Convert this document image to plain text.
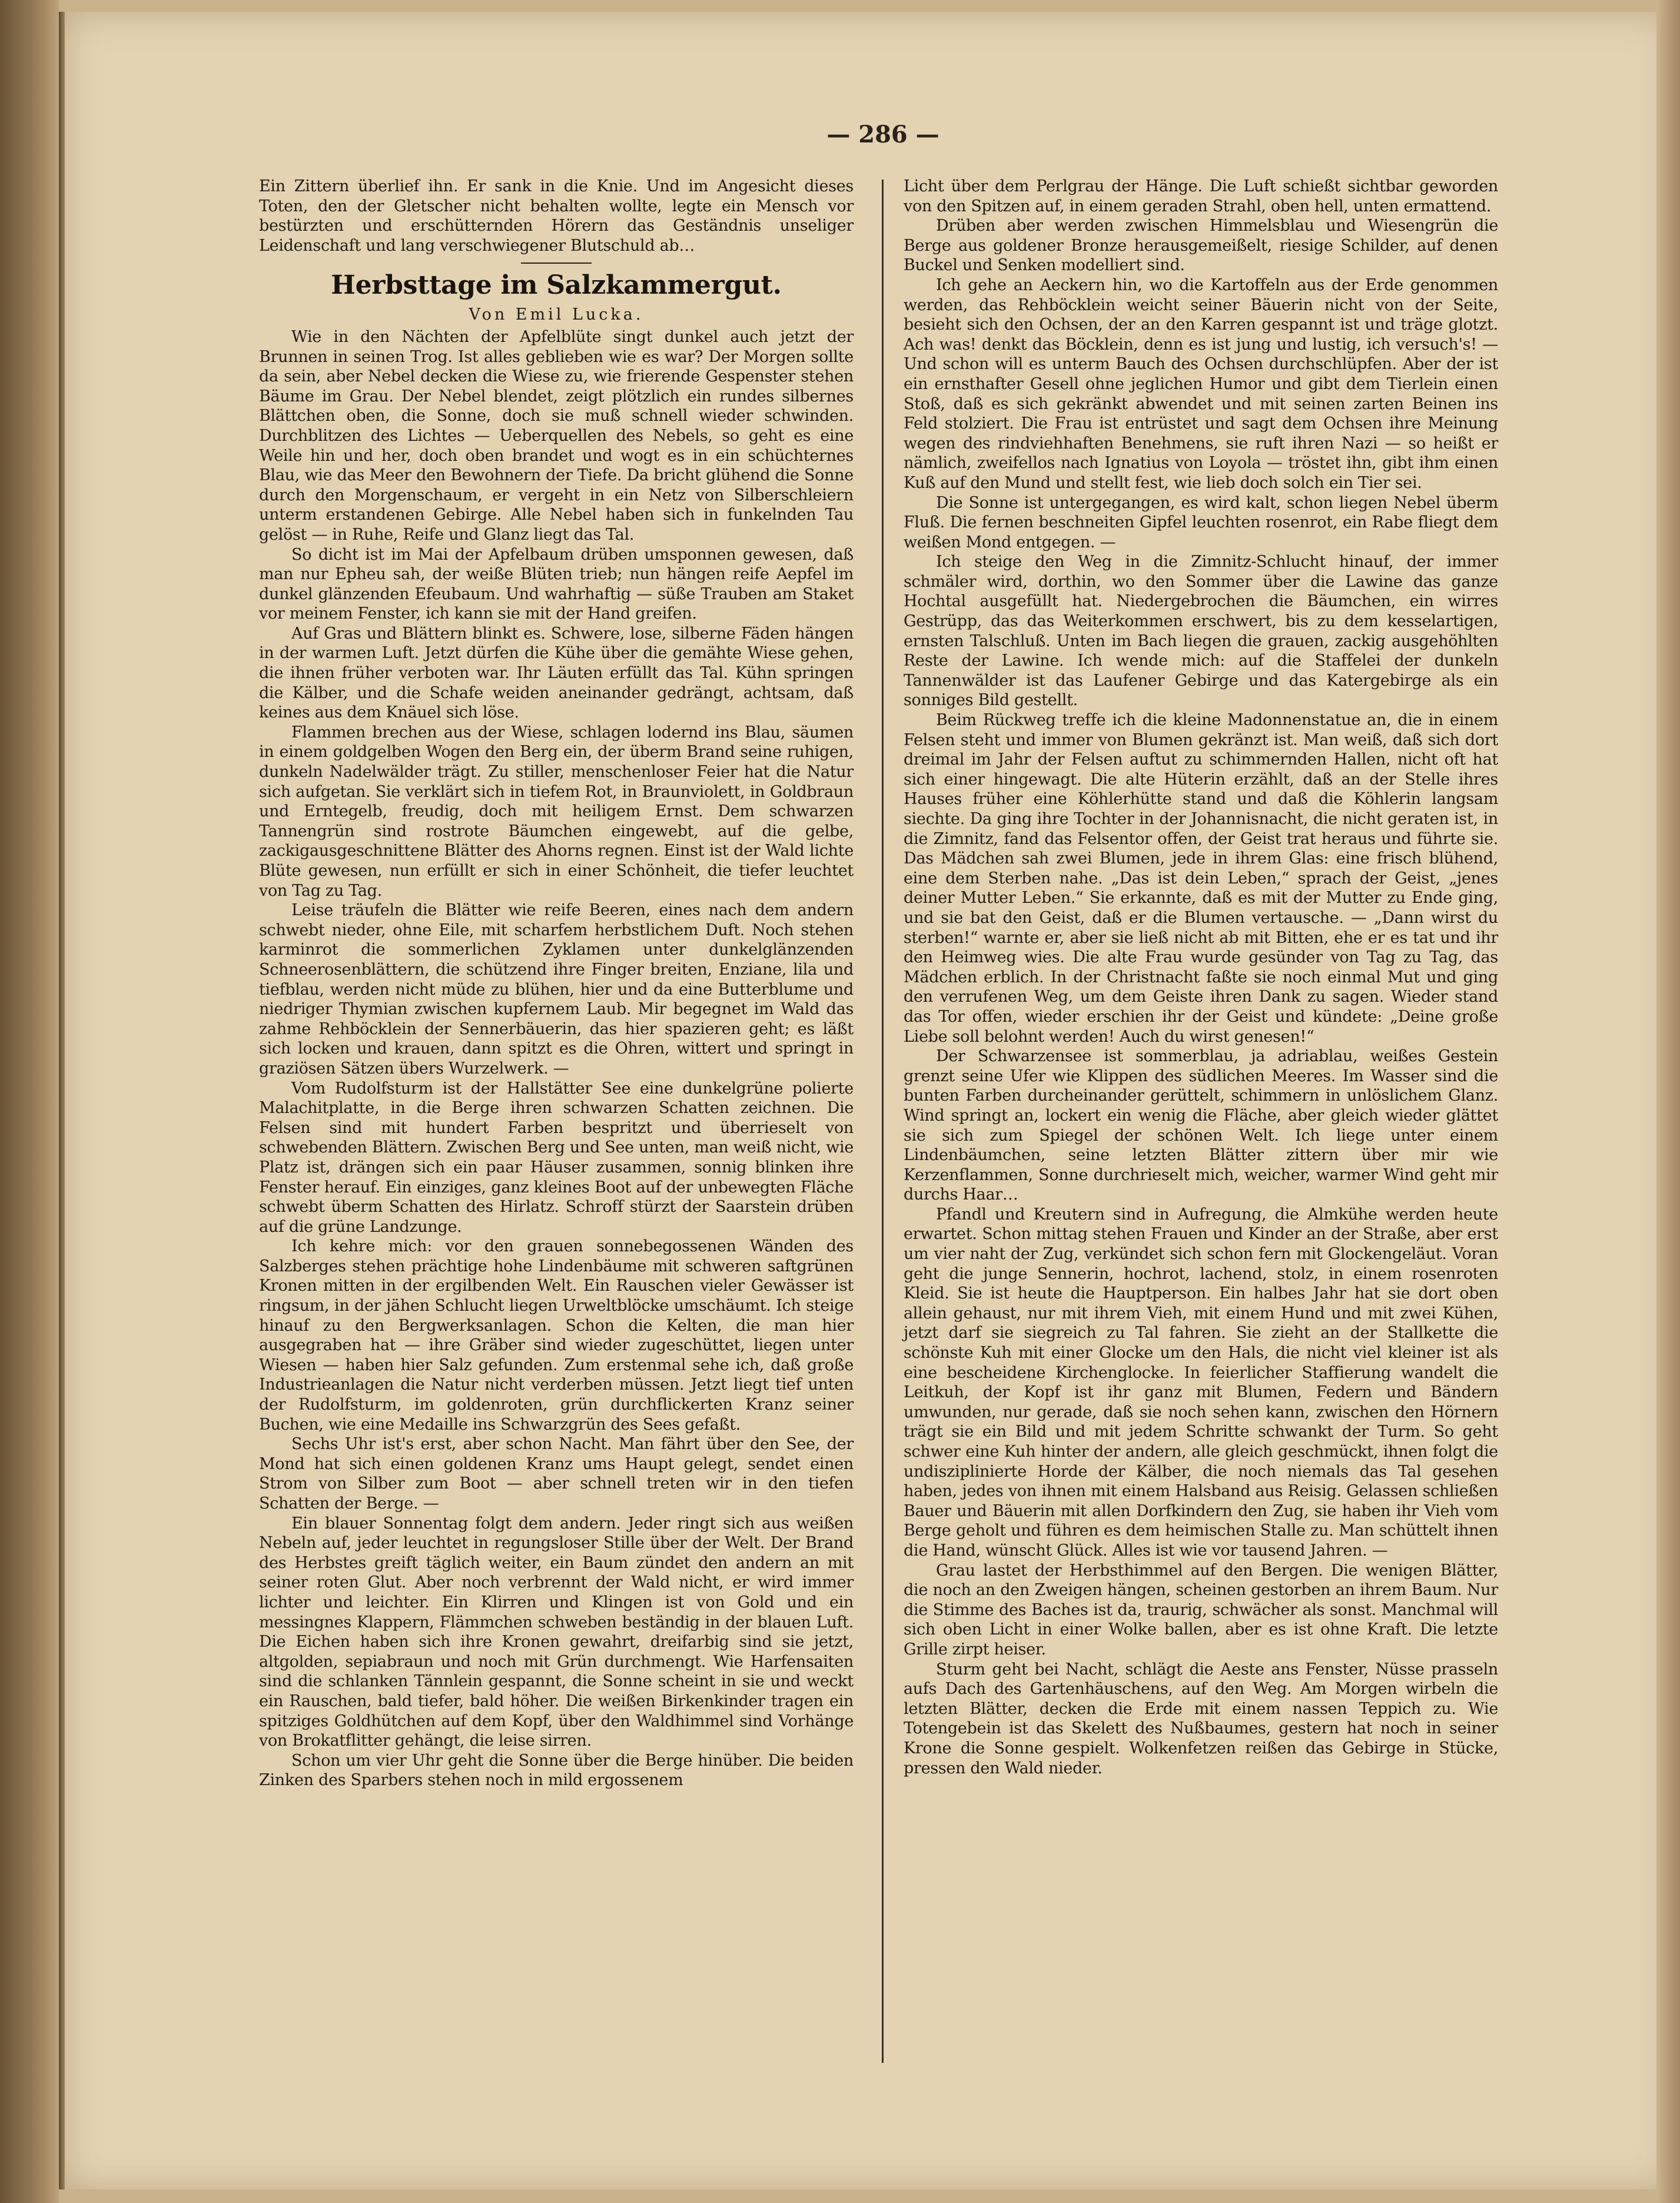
— 286 —

Ein Zittern überlief ihn. Er sank in die Knie. Und im Angesicht dieses Toten, den der Gletscher nicht behalten wollte, legte ein Mensch vor bestürzten und erschütternden Hörern das Geständnis unseliger Leidenschaft und lang verschwiegener Blutschuld ab…

Herbsttage im Salzkammergut.
Von Emil Lucka.

Wie in den Nächten der Apfelblüte singt dunkel auch jetzt der Brunnen in seinen Trog. Ist alles geblieben wie es war? Der Morgen sollte da sein, aber Nebel decken die Wiese zu, wie frierende Gespenster stehen Bäume im Grau. Der Nebel blendet, zeigt plötzlich ein rundes silbernes Blättchen oben, die Sonne, doch sie muß schnell wieder schwinden. Durchblitzen des Lichtes — Ueberquellen des Nebels, so geht es eine Weile hin und her, doch oben brandet und wogt es in ein schüchternes Blau, wie das Meer den Bewohnern der Tiefe. Da bricht glühend die Sonne durch den Morgenschaum, er vergeht in ein Netz von Silberschleiern unterm erstandenen Gebirge. Alle Nebel haben sich in funkelnden Tau gelöst — in Ruhe, Reife und Glanz liegt das Tal.

So dicht ist im Mai der Apfelbaum drüben umsponnen gewesen, daß man nur Epheu sah, der weiße Blüten trieb; nun hängen reife Aepfel im dunkel glänzenden Efeubaum. Und wahrhaftig — süße Trauben am Staket vor meinem Fenster, ich kann sie mit der Hand greifen.

Auf Gras und Blättern blinkt es. Schwere, lose, silberne Fäden hängen in der warmen Luft. Jetzt dürfen die Kühe über die gemähte Wiese gehen, die ihnen früher verboten war. Ihr Läuten erfüllt das Tal. Kühn springen die Kälber, und die Schafe weiden aneinander gedrängt, achtsam, daß keines aus dem Knäuel sich löse.

Flammen brechen aus der Wiese, schlagen lodernd ins Blau, säumen in einem goldgelben Wogen den Berg ein, der überm Brand seine ruhigen, dunkeln Nadelwälder trägt. Zu stiller, menschenloser Feier hat die Natur sich aufgetan. Sie verklärt sich in tiefem Rot, in Braunviolett, in Goldbraun und Erntegelb, freudig, doch mit heiligem Ernst. Dem schwarzen Tannengrün sind rostrote Bäumchen eingewebt, auf die gelbe, zackigausgeschnittene Blätter des Ahorns regnen. Einst ist der Wald lichte Blüte gewesen, nun erfüllt er sich in einer Schönheit, die tiefer leuchtet von Tag zu Tag.

Leise träufeln die Blätter wie reife Beeren, eines nach dem andern schwebt nieder, ohne Eile, mit scharfem herbstlichem Duft. Noch stehen karminrot die sommerlichen Zyklamen unter dunkelglänzenden Schneerosenblättern, die schützend ihre Finger breiten, Enziane, lila und tiefblau, werden nicht müde zu blühen, hier und da eine Butterblume und niedriger Thymian zwischen kupfernem Laub. Mir begegnet im Wald das zahme Rehböcklein der Sennerbäuerin, das hier spazieren geht; es läßt sich locken und krauen, dann spitzt es die Ohren, wittert und springt in graziösen Sätzen übers Wurzelwerk. —

Vom Rudolfsturm ist der Hallstätter See eine dunkelgrüne polierte Malachitplatte, in die Berge ihren schwarzen Schatten zeichnen. Die Felsen sind mit hundert Farben bespritzt und überrieselt von schwebenden Blättern. Zwischen Berg und See unten, man weiß nicht, wie Platz ist, drängen sich ein paar Häuser zusammen, sonnig blinken ihre Fenster herauf. Ein einziges, ganz kleines Boot auf der unbewegten Fläche schwebt überm Schatten des Hirlatz. Schroff stürzt der Saarstein drüben auf die grüne Landzunge.

Ich kehre mich: vor den grauen sonnebegossenen Wänden des Salzberges stehen prächtige hohe Lindenbäume mit schweren saftgrünen Kronen mitten in der ergilbenden Welt. Ein Rauschen vieler Gewässer ist ringsum, in der jähen Schlucht liegen Urweltblöcke umschäumt. Ich steige hinauf zu den Bergwerksanlagen. Schon die Kelten, die man hier ausgegraben hat — ihre Gräber sind wieder zugeschüttet, liegen unter Wiesen — haben hier Salz gefunden. Zum erstenmal sehe ich, daß große Industrieanlagen die Natur nicht verderben müssen. Jetzt liegt tief unten der Rudolfsturm, im goldenroten, grün durchflickerten Kranz seiner Buchen, wie eine Medaille ins Schwarzgrün des Sees gefaßt.

Sechs Uhr ist's erst, aber schon Nacht. Man fährt über den See, der Mond hat sich einen goldenen Kranz ums Haupt gelegt, sendet einen Strom von Silber zum Boot — aber schnell treten wir in den tiefen Schatten der Berge. —

Ein blauer Sonnentag folgt dem andern. Jeder ringt sich aus weißen Nebeln auf, jeder leuchtet in regungsloser Stille über der Welt. Der Brand des Herbstes greift täglich weiter, ein Baum zündet den andern an mit seiner roten Glut. Aber noch verbrennt der Wald nicht, er wird immer lichter und leichter. Ein Klirren und Klingen ist von Gold und ein messingnes Klappern, Flämmchen schweben beständig in der blauen Luft. Die Eichen haben sich ihre Kronen gewahrt, dreifarbig sind sie jetzt, altgolden, sepiabraun und noch mit Grün durchmengt. Wie Harfensaiten sind die schlanken Tännlein gespannt, die Sonne scheint in sie und weckt ein Rauschen, bald tiefer, bald höher. Die weißen Birkenkinder tragen ein spitziges Goldhütchen auf dem Kopf, über den Waldhimmel sind Vorhänge von Brokatflitter gehängt, die leise sirren.

Schon um vier Uhr geht die Sonne über die Berge hinüber. Die beiden Zinken des Sparbers stehen noch in mild ergossenem

Licht über dem Perlgrau der Hänge. Die Luft schießt sichtbar geworden von den Spitzen auf, in einem geraden Strahl, oben hell, unten ermattend.

Drüben aber werden zwischen Himmelsblau und Wiesengrün die Berge aus goldener Bronze herausgemeißelt, riesige Schilder, auf denen Buckel und Senken modelliert sind.

Ich gehe an Aeckern hin, wo die Kartoffeln aus der Erde genommen werden, das Rehböcklein weicht seiner Bäuerin nicht von der Seite, besieht sich den Ochsen, der an den Karren gespannt ist und träge glotzt. Ach was! denkt das Böcklein, denn es ist jung und lustig, ich versuch's! — Und schon will es unterm Bauch des Ochsen durchschlüpfen. Aber der ist ein ernsthafter Gesell ohne jeglichen Humor und gibt dem Tierlein einen Stoß, daß es sich gekränkt abwendet und mit seinen zarten Beinen ins Feld stolziert. Die Frau ist entrüstet und sagt dem Ochsen ihre Meinung wegen des rindviehhaften Benehmens, sie ruft ihren Nazi — so heißt er nämlich, zweifellos nach Ignatius von Loyola — tröstet ihn, gibt ihm einen Kuß auf den Mund und stellt fest, wie lieb doch solch ein Tier sei.

Die Sonne ist untergegangen, es wird kalt, schon liegen Nebel überm Fluß. Die fernen beschneiten Gipfel leuchten rosenrot, ein Rabe fliegt dem weißen Mond entgegen. —

Ich steige den Weg in die Zimnitz-Schlucht hinauf, der immer schmäler wird, dorthin, wo den Sommer über die Lawine das ganze Hochtal ausgefüllt hat. Niedergebrochen die Bäumchen, ein wirres Gestrüpp, das das Weiterkommen erschwert, bis zu dem kesselartigen, ernsten Talschluß. Unten im Bach liegen die grauen, zackig ausgehöhlten Reste der Lawine. Ich wende mich: auf die Staffelei der dunkeln Tannenwälder ist das Laufener Gebirge und das Katergebirge als ein sonniges Bild gestellt.

Beim Rückweg treffe ich die kleine Madonnenstatue an, die in einem Felsen steht und immer von Blumen gekränzt ist. Man weiß, daß sich dort dreimal im Jahr der Felsen auftut zu schimmernden Hallen, nicht oft hat sich einer hingewagt. Die alte Hüterin erzählt, daß an der Stelle ihres Hauses früher eine Köhlerhütte stand und daß die Köhlerin langsam siechte. Da ging ihre Tochter in der Johannisnacht, die nicht geraten ist, in die Zimnitz, fand das Felsentor offen, der Geist trat heraus und führte sie. Das Mädchen sah zwei Blumen, jede in ihrem Glas: eine frisch blühend, eine dem Sterben nahe. „Das ist dein Leben,“ sprach der Geist, „jenes deiner Mutter Leben.“ Sie erkannte, daß es mit der Mutter zu Ende ging, und sie bat den Geist, daß er die Blumen vertausche. — „Dann wirst du sterben!“ warnte er, aber sie ließ nicht ab mit Bitten, ehe er es tat und ihr den Heimweg wies. Die alte Frau wurde gesünder von Tag zu Tag, das Mädchen erblich. In der Christnacht faßte sie noch einmal Mut und ging den verrufenen Weg, um dem Geiste ihren Dank zu sagen. Wieder stand das Tor offen, wieder erschien ihr der Geist und kündete: „Deine große Liebe soll belohnt werden! Auch du wirst genesen!“

Der Schwarzensee ist sommerblau, ja adriablau, weißes Gestein grenzt seine Ufer wie Klippen des südlichen Meeres. Im Wasser sind die bunten Farben durcheinander gerüttelt, schimmern in unlöslichem Glanz. Wind springt an, lockert ein wenig die Fläche, aber gleich wieder glättet sie sich zum Spiegel der schönen Welt. Ich liege unter einem Lindenbäumchen, seine letzten Blätter zittern über mir wie Kerzenflammen, Sonne durchrieselt mich, weicher, warmer Wind geht mir durchs Haar…

Pfandl und Kreutern sind in Aufregung, die Almkühe werden heute erwartet. Schon mittag stehen Frauen und Kinder an der Straße, aber erst um vier naht der Zug, verkündet sich schon fern mit Glockengeläut. Voran geht die junge Sennerin, hochrot, lachend, stolz, in einem rosenroten Kleid. Sie ist heute die Hauptperson. Ein halbes Jahr hat sie dort oben allein gehaust, nur mit ihrem Vieh, mit einem Hund und mit zwei Kühen, jetzt darf sie siegreich zu Tal fahren. Sie zieht an der Stallkette die schönste Kuh mit einer Glocke um den Hals, die nicht viel kleiner ist als eine bescheidene Kirchenglocke. In feierlicher Staffierung wandelt die Leitkuh, der Kopf ist ihr ganz mit Blumen, Federn und Bändern umwunden, nur gerade, daß sie noch sehen kann, zwischen den Hörnern trägt sie ein Bild und mit jedem Schritte schwankt der Turm. So geht schwer eine Kuh hinter der andern, alle gleich geschmückt, ihnen folgt die undisziplinierte Horde der Kälber, die noch niemals das Tal gesehen haben, jedes von ihnen mit einem Halsband aus Reisig. Gelassen schließen Bauer und Bäuerin mit allen Dorfkindern den Zug, sie haben ihr Vieh vom Berge geholt und führen es dem heimischen Stalle zu. Man schüttelt ihnen die Hand, wünscht Glück. Alles ist wie vor tausend Jahren. —

Grau lastet der Herbsthimmel auf den Bergen. Die wenigen Blätter, die noch an den Zweigen hängen, scheinen gestorben an ihrem Baum. Nur die Stimme des Baches ist da, traurig, schwächer als sonst. Manchmal will sich oben Licht in einer Wolke ballen, aber es ist ohne Kraft. Die letzte Grille zirpt heiser.

Sturm geht bei Nacht, schlägt die Aeste ans Fenster, Nüsse prasseln aufs Dach des Gartenhäuschens, auf den Weg. Am Morgen wirbeln die letzten Blätter, decken die Erde mit einem nassen Teppich zu. Wie Totengebein ist das Skelett des Nußbaumes, gestern hat noch in seiner Krone die Sonne gespielt. Wolkenfetzen reißen das Gebirge in Stücke, pressen den Wald nieder.
